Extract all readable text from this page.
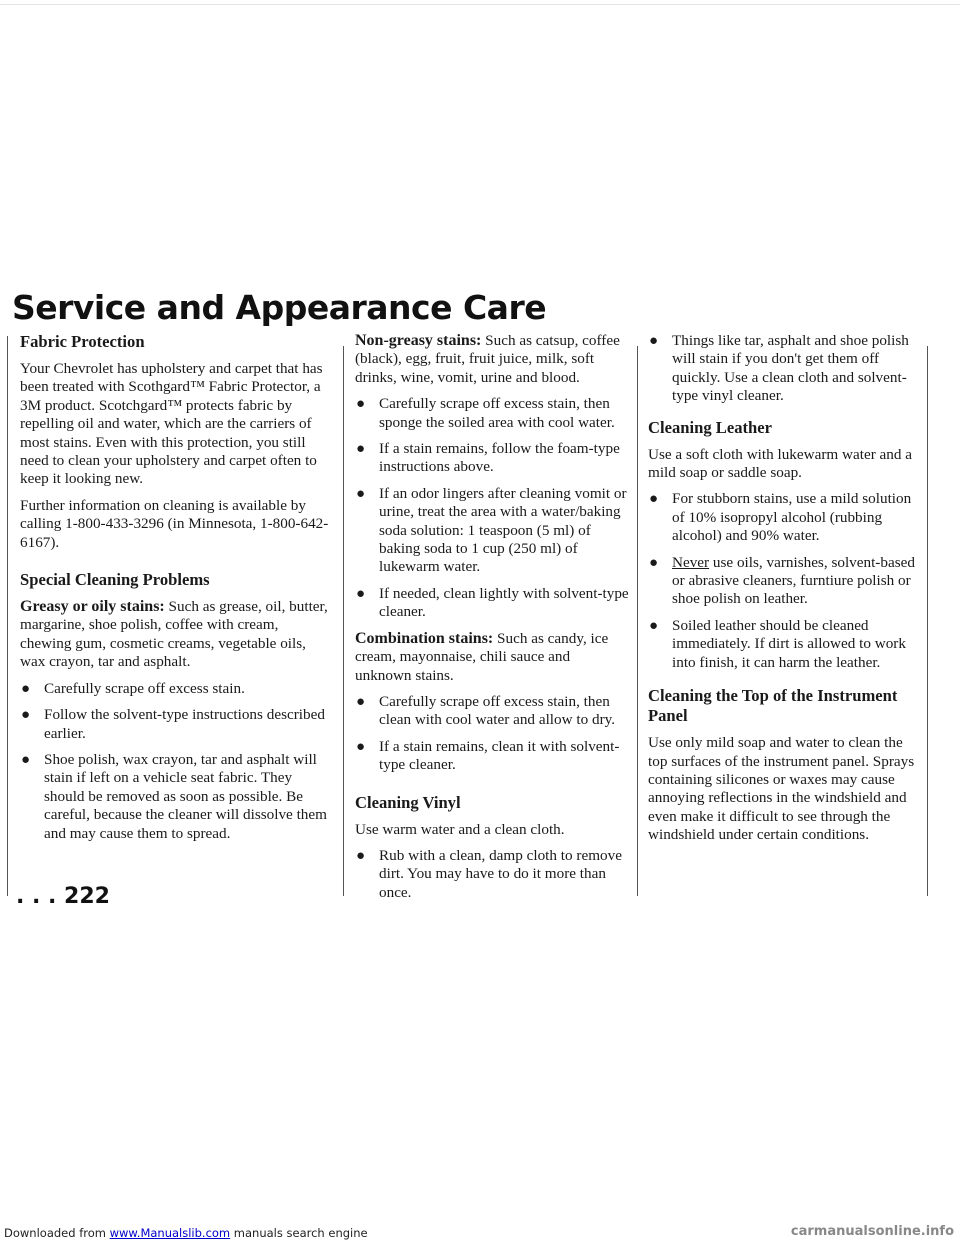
Service and Appearance Care
Fabric Protection

Your Chevrolet has upholstery and carpet that has been treated with Scothgard™ Fabric Protector, a 3M product. Scotchgard™ protects fabric by repelling oil and water, which are the carriers of most stains. Even with this protection, you still need to clean your upholstery and carpet often to keep it looking new.

Further information on cleaning is available by calling 1-800-433-3296 (in Minnesota, 1-800-642-6167).

Special Cleaning Problems

Greasy or oily stains: Such as grease, oil, butter, margarine, shoe polish, coffee with cream, chewing gum, cosmetic creams, vegetable oils, wax crayon, tar and asphalt.

● Carefully scrape off excess stain.
● Follow the solvent-type instructions described earlier.
● Shoe polish, wax crayon, tar and asphalt will stain if left on a vehicle seat fabric. They should be removed as soon as possible. Be careful, because the cleaner will dissolve them and may cause them to spread.

Non-greasy stains: Such as catsup, coffee (black), egg, fruit, fruit juice, milk, soft drinks, wine, vomit, urine and blood.

● Carefully scrape off excess stain, then sponge the soiled area with cool water.
● If a stain remains, follow the foam-type instructions above.
● If an odor lingers after cleaning vomit or urine, treat the area with a water/baking soda solution: 1 teaspoon (5 ml) of baking soda to 1 cup (250 ml) of lukewarm water.
● If needed, clean lightly with solvent-type cleaner.

Combination stains: Such as candy, ice cream, mayonnaise, chili sauce and unknown stains.

● Carefully scrape off excess stain, then clean with cool water and allow to dry.
● If a stain remains, clean it with solvent-type cleaner.
Cleaning Vinyl

Use warm water and a clean cloth.

● Rub with a clean, damp cloth to remove dirt. You may have to do it more than once.
● Things like tar, asphalt and shoe polish will stain if you don't get them off quickly. Use a clean cloth and solvent-type vinyl cleaner.
Cleaning Leather

Use a soft cloth with lukewarm water and a mild soap or saddle soap.

● For stubborn stains, use a mild solution of 10% isopropyl alcohol (rubbing alcohol) and 90% water.
● Never use oils, varnishes, solvent-based or abrasive cleaners, furntiure polish or shoe polish on leather.
● Soiled leather should be cleaned immediately. If dirt is allowed to work into finish, it can harm the leather.
Cleaning the Top of the Instrument Panel

Use only mild soap and water to clean the top surfaces of the instrument panel. Sprays containing silicones or waxes may cause annoying reflections in the windshield and even make it difficult to see through the windshield under certain conditions.

. . . 222
Downloaded from www.Manualslib.com manuals search engine	carmanualsonline.info
